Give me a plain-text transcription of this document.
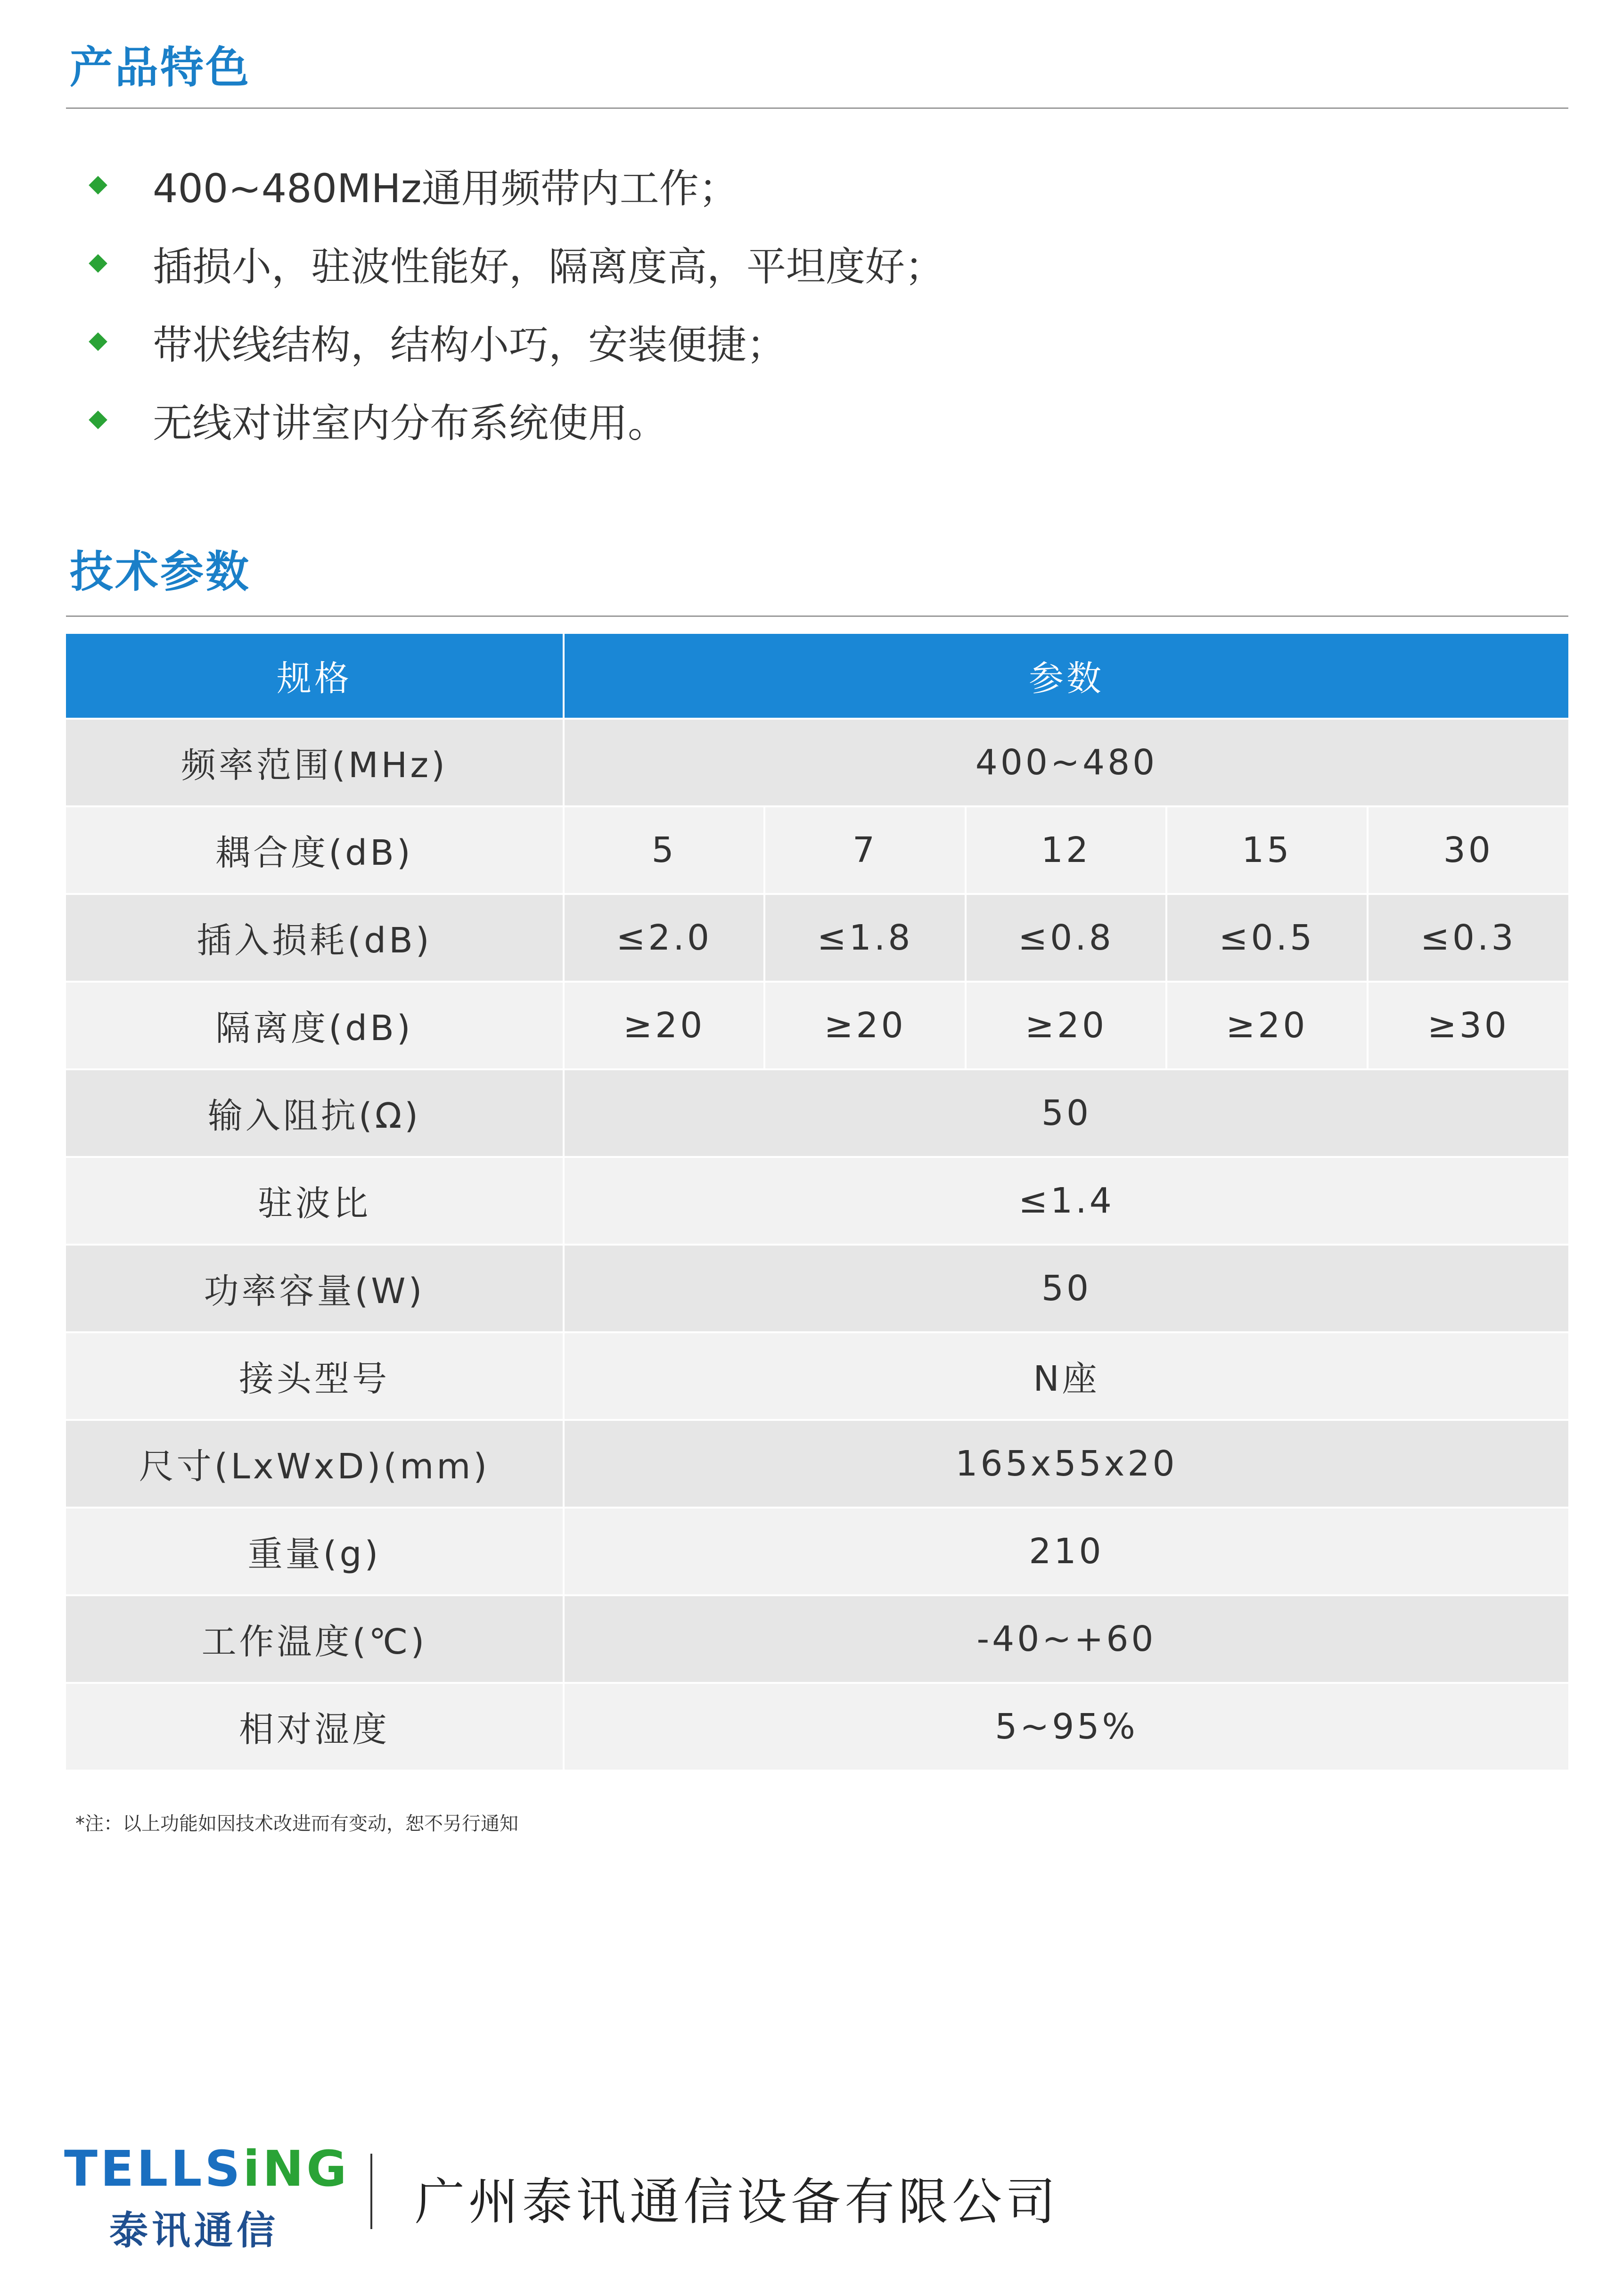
产品特色
400~480MHz通用频带内工作；
插损小，驻波性能好，隔离度高，平坦度好；
带状线结构，结构小巧，安装便捷；
无线对讲室内分布系统使用。
技术参数
规格	参数				
频率范围(MHz)	400~480				
耦合度(dB)	5	7	12	15	30
插入损耗(dB)	≤2.0	≤1.8	≤0.8	≤0.5	≤0.3
隔离度(dB)	≥20	≥20	≥20	≥20	≥30
输入阻抗(Ω)	50				
驻波比	≤1.4				
功率容量(W)	50				
接头型号	N座				
尺寸(LxWxD)(mm)	165x55x20				
重量(g)	210				
工作温度(℃)	-40~+60				
相对湿度	5~95%				
*注：以上功能如因技术改进而有变动，恕不另行通知
TELLSiNG
泰讯通信	广州泰讯通信设备有限公司
